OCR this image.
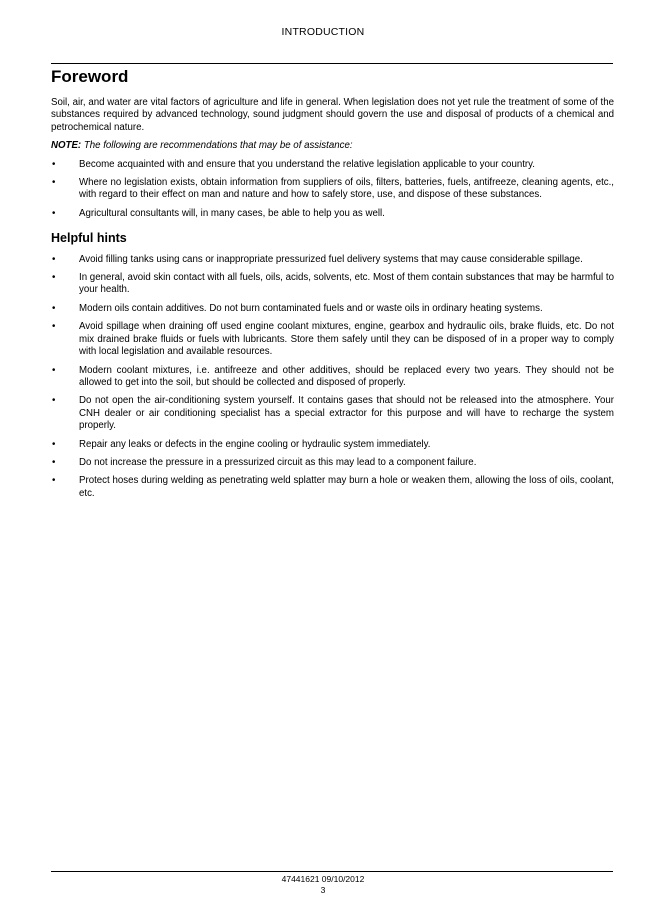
INTRODUCTION
Foreword

Soil, air, and water are vital factors of agriculture and life in general. When legislation does not yet rule the treatment of some of the substances required by advanced technology, sound judgment should govern the use and disposal of products of a chemical and petrochemical nature.

NOTE: The following are recommendations that may be of assistance:

• Become acquainted with and ensure that you understand the relative legislation applicable to your country.
• Where no legislation exists, obtain information from suppliers of oils, filters, batteries, fuels, antifreeze, cleaning agents, etc., with regard to their effect on man and nature and how to safely store, use, and dispose of these substances.
• Agricultural consultants will, in many cases, be able to help you as well.
Helpful hints
• Avoid filling tanks using cans or inappropriate pressurized fuel delivery systems that may cause considerable spillage.
• In general, avoid skin contact with all fuels, oils, acids, solvents, etc. Most of them contain substances that may be harmful to your health.
• Modern oils contain additives. Do not burn contaminated fuels and or waste oils in ordinary heating systems.
• Avoid spillage when draining off used engine coolant mixtures, engine, gearbox and hydraulic oils, brake fluids, etc. Do not mix drained brake fluids or fuels with lubricants. Store them safely until they can be disposed of in a proper way to comply with local legislation and available resources.
• Modern coolant mixtures, i.e. antifreeze and other additives, should be replaced every two years. They should not be allowed to get into the soil, but should be collected and disposed of properly.
• Do not open the air-conditioning system yourself. It contains gases that should not be released into the atmosphere. Your CNH dealer or air conditioning specialist has a special extractor for this purpose and will have to recharge the system properly.
• Repair any leaks or defects in the engine cooling or hydraulic system immediately.
• Do not increase the pressure in a pressurized circuit as this may lead to a component failure.
• Protect hoses during welding as penetrating weld splatter may burn a hole or weaken them, allowing the loss of oils, coolant, etc.
47441621 09/10/2012
3
